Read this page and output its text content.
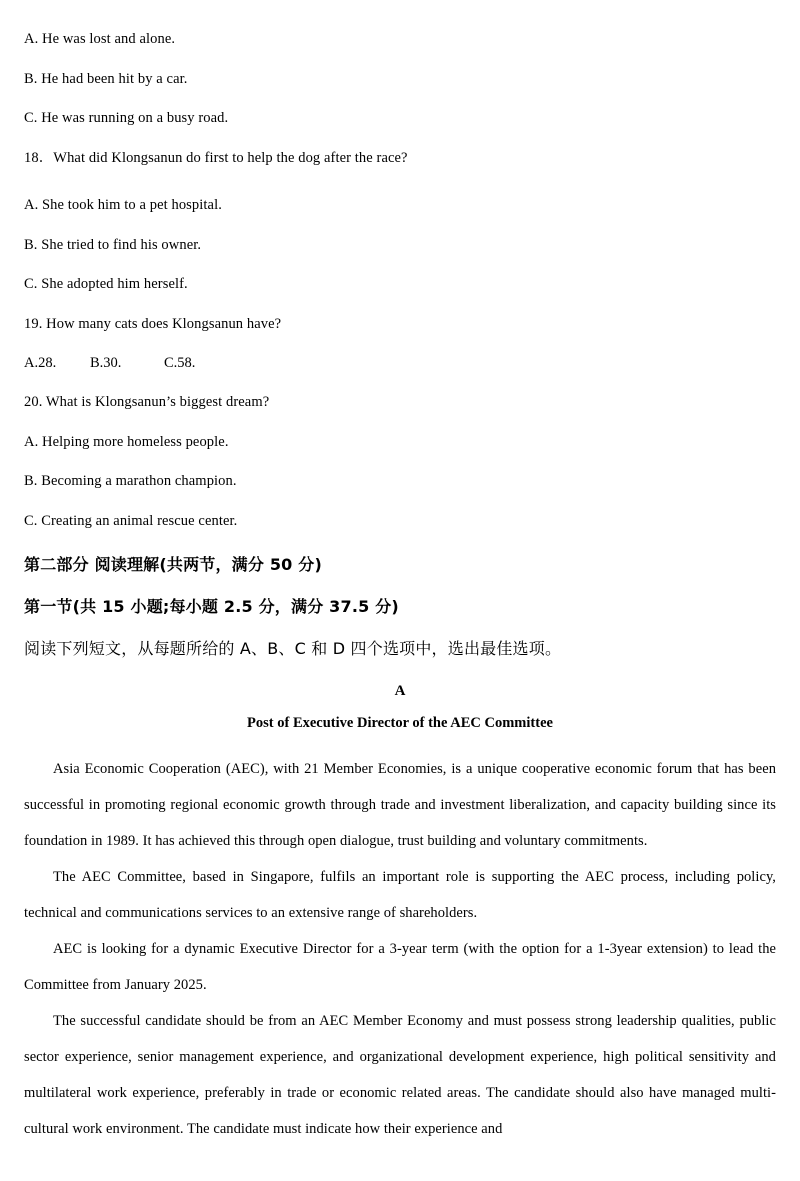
A. He was lost and alone.

B. He had been hit by a car.

C. He was running on a busy road.

18．What did Klongsanun do first to help the dog after the race?

A. She took him to a pet hospital.

B. She tried to find his owner.

C. She adopted him herself.

19. How many cats does Klongsanun have?

A.28. B.30.	C.58.

20. What is Klongsanun’s biggest dream?

A. Helping more homeless people.

B. Becoming a marathon champion.

C. Creating an animal rescue center.

第二部分 阅读理解(共两节，满分 50 分)

第一节(共 15 小题;每小题 2.5 分，满分 37.5 分)

阅读下列短文，从每题所给的 A、B、C 和 D 四个选项中，选出最佳选项。

A

Post of Executive Director of the AEC Committee

Asia Economic Cooperation (AEC), with 21 Member Economies, is a unique cooperative economic forum that has been successful in promoting regional economic growth through trade and investment liberalization, and capacity building since its foundation in 1989. It has achieved this through open dialogue, trust building and voluntary commitments.

The AEC Committee, based in Singapore, fulfils an important role is supporting the AEC process, including policy, technical and communications services to an extensive range of shareholders.

AEC is looking for a dynamic Executive Director for a 3-year term (with the option for a 1-3year extension) to lead the Committee from January 2025.

The successful candidate should be from an AEC Member Economy and must possess strong leadership qualities, public sector experience, senior management experience, and organizational development experience, high political sensitivity and multilateral work experience, preferably in trade or economic related areas. The candidate should also have managed multi-cultural work environment. The candidate must indicate how their experience and
